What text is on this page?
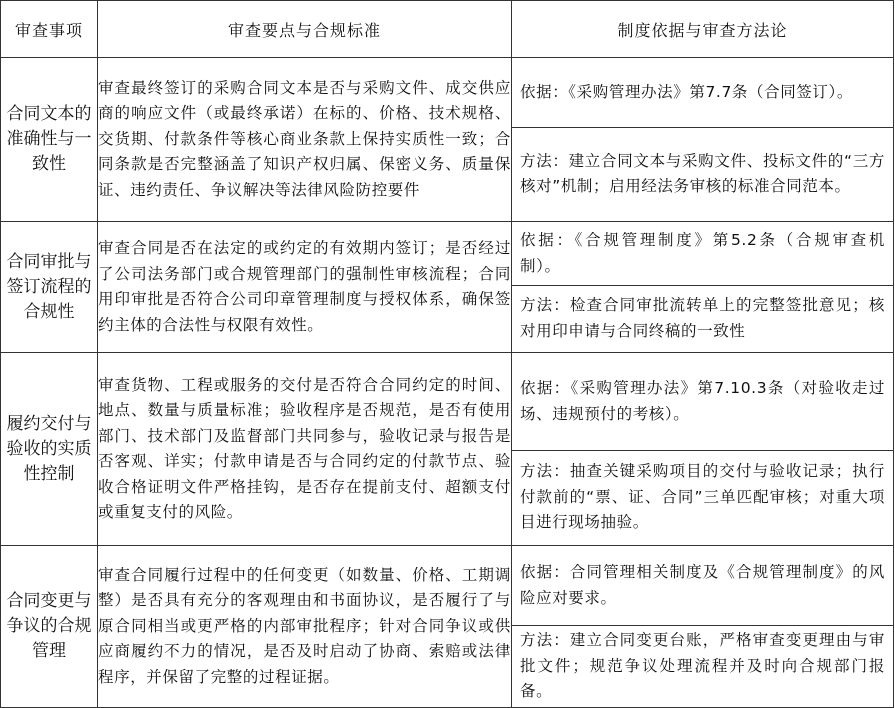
审查事项	审查要点与合规标准	制度依据与审查方法论
合同文本的准确性与一致性	审查最终签订的采购合同文本是否与采购文件、成交供应商的响应文件（或最终承诺）在标的、价格、技术规格、交货期、付款条件等核心商业条款上保持实质性一致；合同条款是否完整涵盖了知识产权归属、保密义务、质量保证、违约责任、争议解决等法律风险防控要件	依据：《采购管理办法》第7.7条（合同签订）。
方法：建立合同文本与采购文件、投标文件的“三方核对”机制；启用经法务审核的标准合同范本。

合同审批与签订流程的合规性	审查合同是否在法定的或约定的有效期内签订；是否经过了公司法务部门或合规管理部门的强制性审核流程；合同用印审批是否符合公司印章管理制度与授权体系，确保签约主体的合法性与权限有效性。	依据：《合规管理制度》第5.2条（合规审查机制）。
方法：检查合同审批流转单上的完整签批意见；核对用印申请与合同终稿的一致性

履约交付与验收的实质性控制	审查货物、工程或服务的交付是否符合合同约定的时间、地点、数量与质量标准；验收程序是否规范，是否有使用部门、技术部门及监督部门共同参与，验收记录与报告是否客观、详实；付款申请是否与合同约定的付款节点、验收合格证明文件严格挂钩，是否存在提前支付、超额支付或重复支付的风险。	依据：《采购管理办法》第7.10.3条（对验收走过场、违规预付的考核）。
方法：抽查关键采购项目的交付与验收记录；执行付款前的“票、证、合同”三单匹配审核；对重大项目进行现场抽验。

合同变更与争议的合规管理	审查合同履行过程中的任何变更（如数量、价格、工期调整）是否具有充分的客观理由和书面协议，是否履行了与原合同相当或更严格的内部审批程序；针对合同争议或供应商履约不力的情况，是否及时启动了协商、索赔或法律程序，并保留了完整的过程证据。	依据：合同管理相关制度及《合规管理制度》的风险应对要求。
方法：建立合同变更台账，严格审查变更理由与审批文件；规范争议处理流程并及时向合规部门报备。
